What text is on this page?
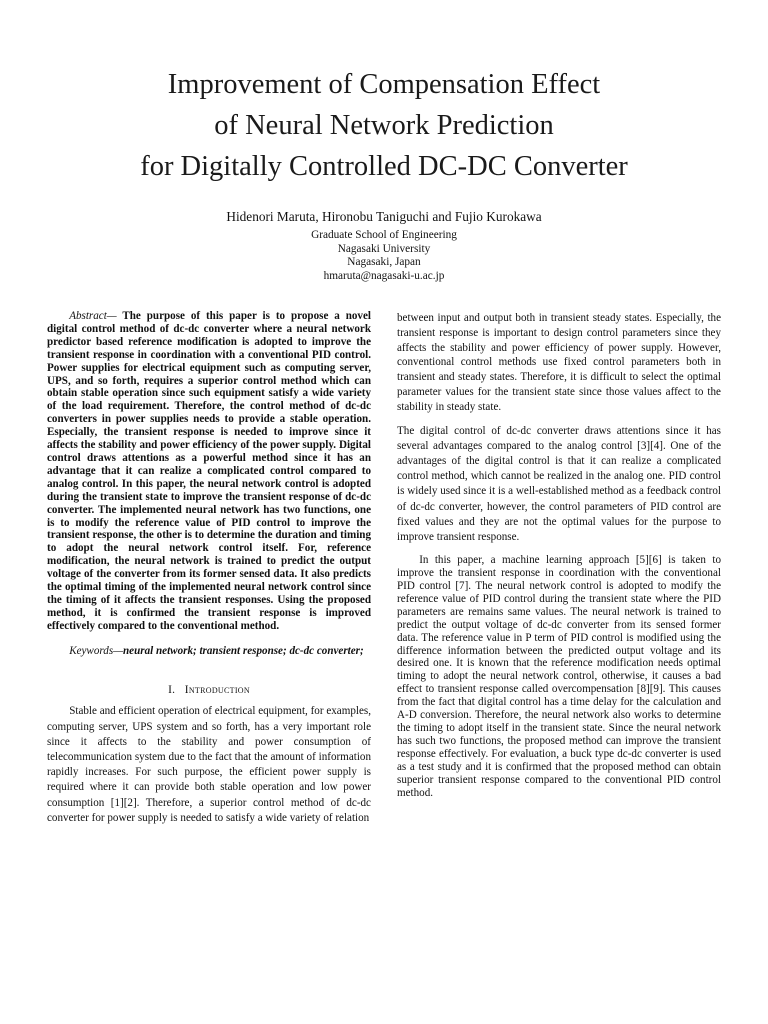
Improvement of Compensation Effect
of Neural Network Prediction
for Digitally Controlled DC-DC Converter

Hidenori Maruta, Hironobu Taniguchi and Fujio Kurokawa

Graduate School of Engineering
Nagasaki University
Nagasaki, Japan
hmaruta@nagasaki-u.ac.jp

Abstract— The purpose of this paper is to propose a novel digital control method of dc-dc converter where a neural network predictor based reference modification is adopted to improve the transient response in coordination with a conventional PID control. Power supplies for electrical equipment such as computing server, UPS, and so forth, requires a superior control method which can obtain stable operation since such equipment satisfy a wide variety of the load requirement. Therefore, the control method of dc-dc converters in power supplies needs to provide a stable operation. Especially, the transient response is needed to improve since it affects the stability and power efficiency of the power supply. Digital control draws attentions as a powerful method since it has an advantage that it can realize a complicated control compared to analog control. In this paper, the neural network control is adopted during the transient state to improve the transient response of dc-dc converter. The implemented neural network has two functions, one is to modify the reference value of PID control to improve the transient response, the other is to determine the duration and timing to adopt the neural network control itself. For, reference modification, the neural network is trained to predict the output voltage of the converter from its former sensed data. It also predicts the optimal timing of the implemented neural network control since the timing of it affects the transient responses. Using the proposed method, it is confirmed the transient response is improved effectively compared to the conventional method.

Keywords—neural network; transient response; dc-dc converter;

I. Introduction

Stable and efficient operation of electrical equipment, for examples, computing server, UPS system and so forth, has a very important role since it affects to the stability and power consumption of telecommunication system due to the fact that the amount of information rapidly increases. For such purpose, the efficient power supply is required where it can provide both stable operation and low power consumption [1][2]. Therefore, a superior control method of dc-dc converter for power supply is needed to satisfy a wide variety of relation

between input and output both in transient steady states. Especially, the transient response is important to design control parameters since they affects the stability and power efficiency of power supply. However, conventional control methods use fixed control parameters both in transient and steady states. Therefore, it is difficult to select the optimal parameter values for the transient state since those values affect to the stability in steady state.

The digital control of dc-dc converter draws attentions since it has several advantages compared to the analog control [3][4]. One of the advantages of the digital control is that it can realize a complicated control method, which cannot be realized in the analog one. PID control is widely used since it is a well-established method as a feedback control of dc-dc converter, however, the control parameters of PID control are fixed values and they are not the optimal values for the purpose to improve transient response.

In this paper, a machine learning approach [5][6] is taken to improve the transient response in coordination with the conventional PID control [7]. The neural network control is adopted to modify the reference value of PID control during the transient state where the PID parameters are remains same values. The neural network is trained to predict the output voltage of dc-dc converter from its sensed former data. The reference value in P term of PID control is modified using the difference information between the predicted output voltage and its desired one. It is known that the reference modification needs optimal timing to adopt the neural network control, otherwise, it causes a bad effect to transient response called overcompensation [8][9]. This causes from the fact that digital control has a time delay for the calculation and A-D conversion. Therefore, the neural network also works to determine the timing to adopt itself in the transient state. Since the neural network has such two functions, the proposed method can improve the transient response effectively. For evaluation, a buck type dc-dc converter is used as a test study and it is confirmed that the proposed method can obtain superior transient response compared to the conventional PID control method.
